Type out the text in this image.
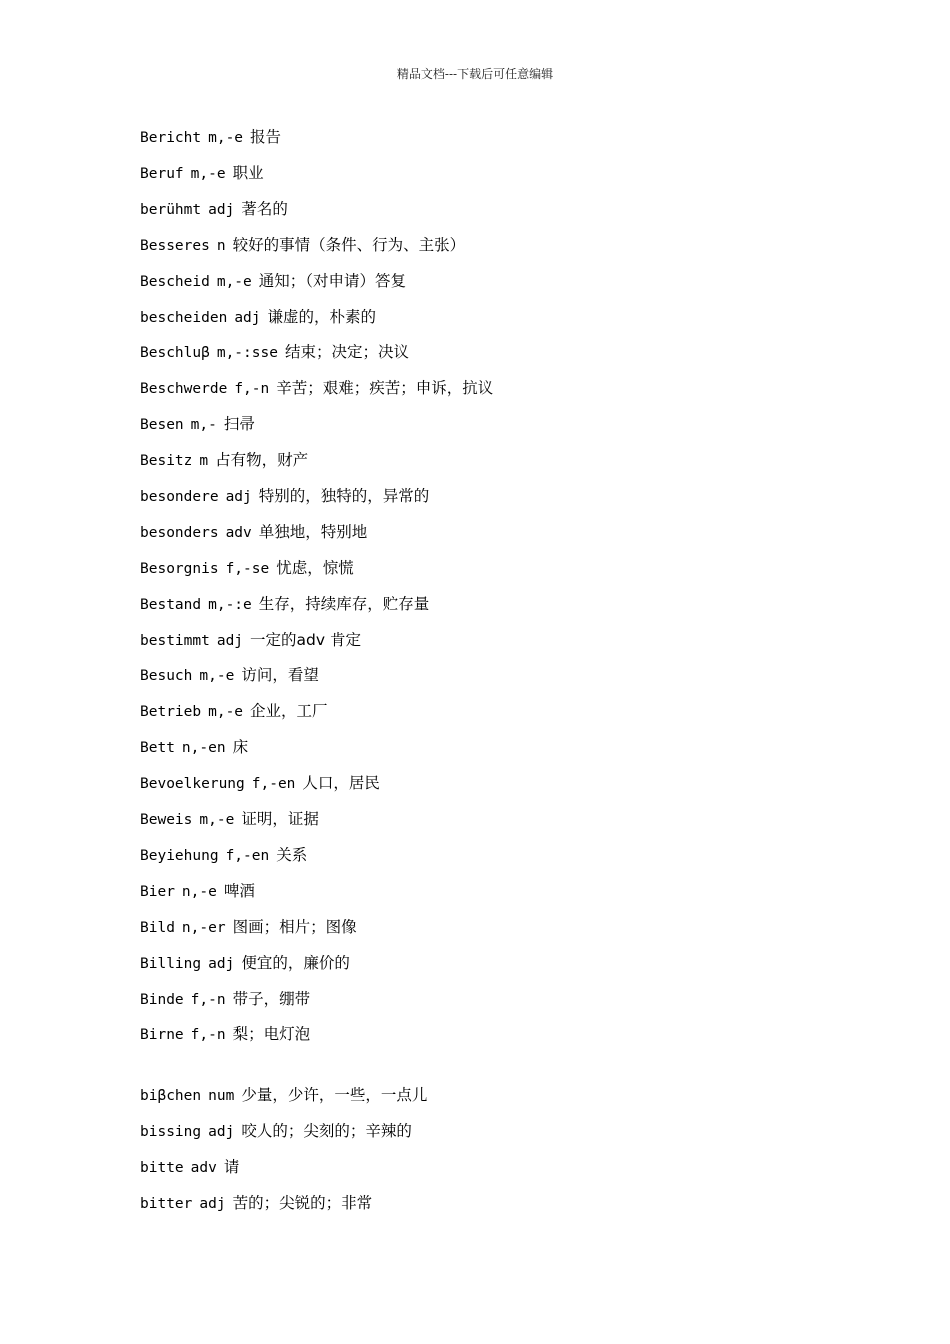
精品文档---下载后可任意编辑
Bericht m,-e 报告
Beruf m,-e 职业
berühmt adj 著名的
Besseres n 较好的事情（条件、行为、主张）
Bescheid m,-e 通知；（对申请）答复
bescheiden adj 谦虚的，朴素的
Beschluβ m,-:sse 结束；决定；决议
Beschwerde f,-n 辛苦；艰难；疾苦；申诉，抗议
Besen m,- 扫帚
Besitz m 占有物，财产
besondere adj 特别的，独特的，异常的
besonders adv 单独地，特别地
Besorgnis f,-se 忧虑，惊慌
Bestand m,-:e 生存，持续库存，贮存量
bestimmt adj 一定的adv 肯定
Besuch m,-e 访问，看望
Betrieb m,-e 企业，工厂
Bett n,-en 床
Bevoelkerung f,-en 人口，居民
Beweis m,-e 证明，证据
Beyiehung f,-en 关系
Bier n,-e 啤酒
Bild n,-er 图画；相片；图像
Billing adj 便宜的，廉价的
Binde f,-n 带子，绷带
Birne f,-n 梨；电灯泡
biβchen num 少量，少许，一些，一点儿
bissing adj 咬人的；尖刻的；辛辣的
bitte adv 请
bitter adj 苦的；尖锐的；非常
